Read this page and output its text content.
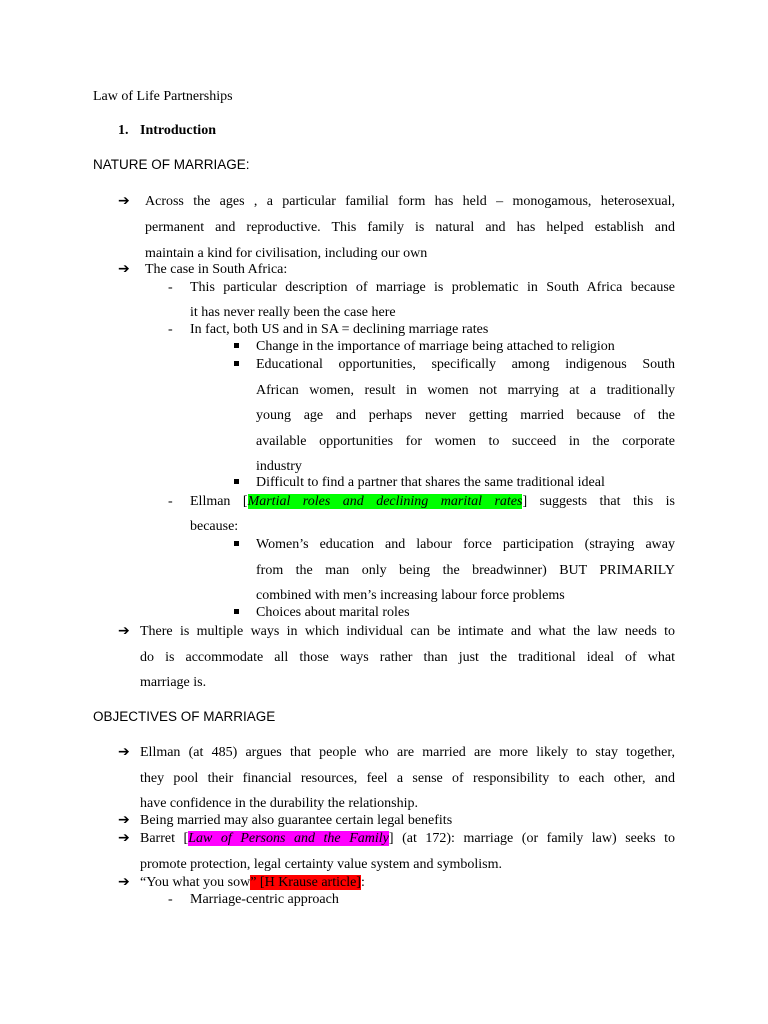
Law of Life Partnerships
1. Introduction
NATURE OF MARRIAGE:
➔ Across the ages , a particular familial form has held – monogamous, heterosexual,
permanent and reproductive. This family is natural and has helped establish and
maintain a kind for civilisation, including our own
➔ The case in South Africa:
- This particular description of marriage is problematic in South Africa because
it has never really been the case here
- In fact, both US and in SA = declining marriage rates
Change in the importance of marriage being attached to religion
Educational opportunities, specifically among indigenous South
African women, result in women not marrying at a traditionally
young age and perhaps never getting married because of the
available opportunities for women to succeed in the corporate
industry
Difficult to find a partner that shares the same traditional ideal
- Ellman [Martial roles and declining marital rates] suggests that this is
because:
Women’s education and labour force participation (straying away
from the man only being the breadwinner) BUT PRIMARILY
combined with men’s increasing labour force problems
Choices about marital roles
➔ There is multiple ways in which individual can be intimate and what the law needs to
do is accommodate all those ways rather than just the traditional ideal of what
marriage is.
OBJECTIVES OF MARRIAGE
➔ Ellman (at 485) argues that people who are married are more likely to stay together,
they pool their financial resources, feel a sense of responsibility to each other, and
have confidence in the durability the relationship.
➔ Being married may also guarantee certain legal benefits
➔ Barret [Law of Persons and the Family] (at 172): marriage (or family law) seeks to
promote protection, legal certainty value system and symbolism.
➔ “You what you sow” [H Krause article]:
- Marriage-centric approach
